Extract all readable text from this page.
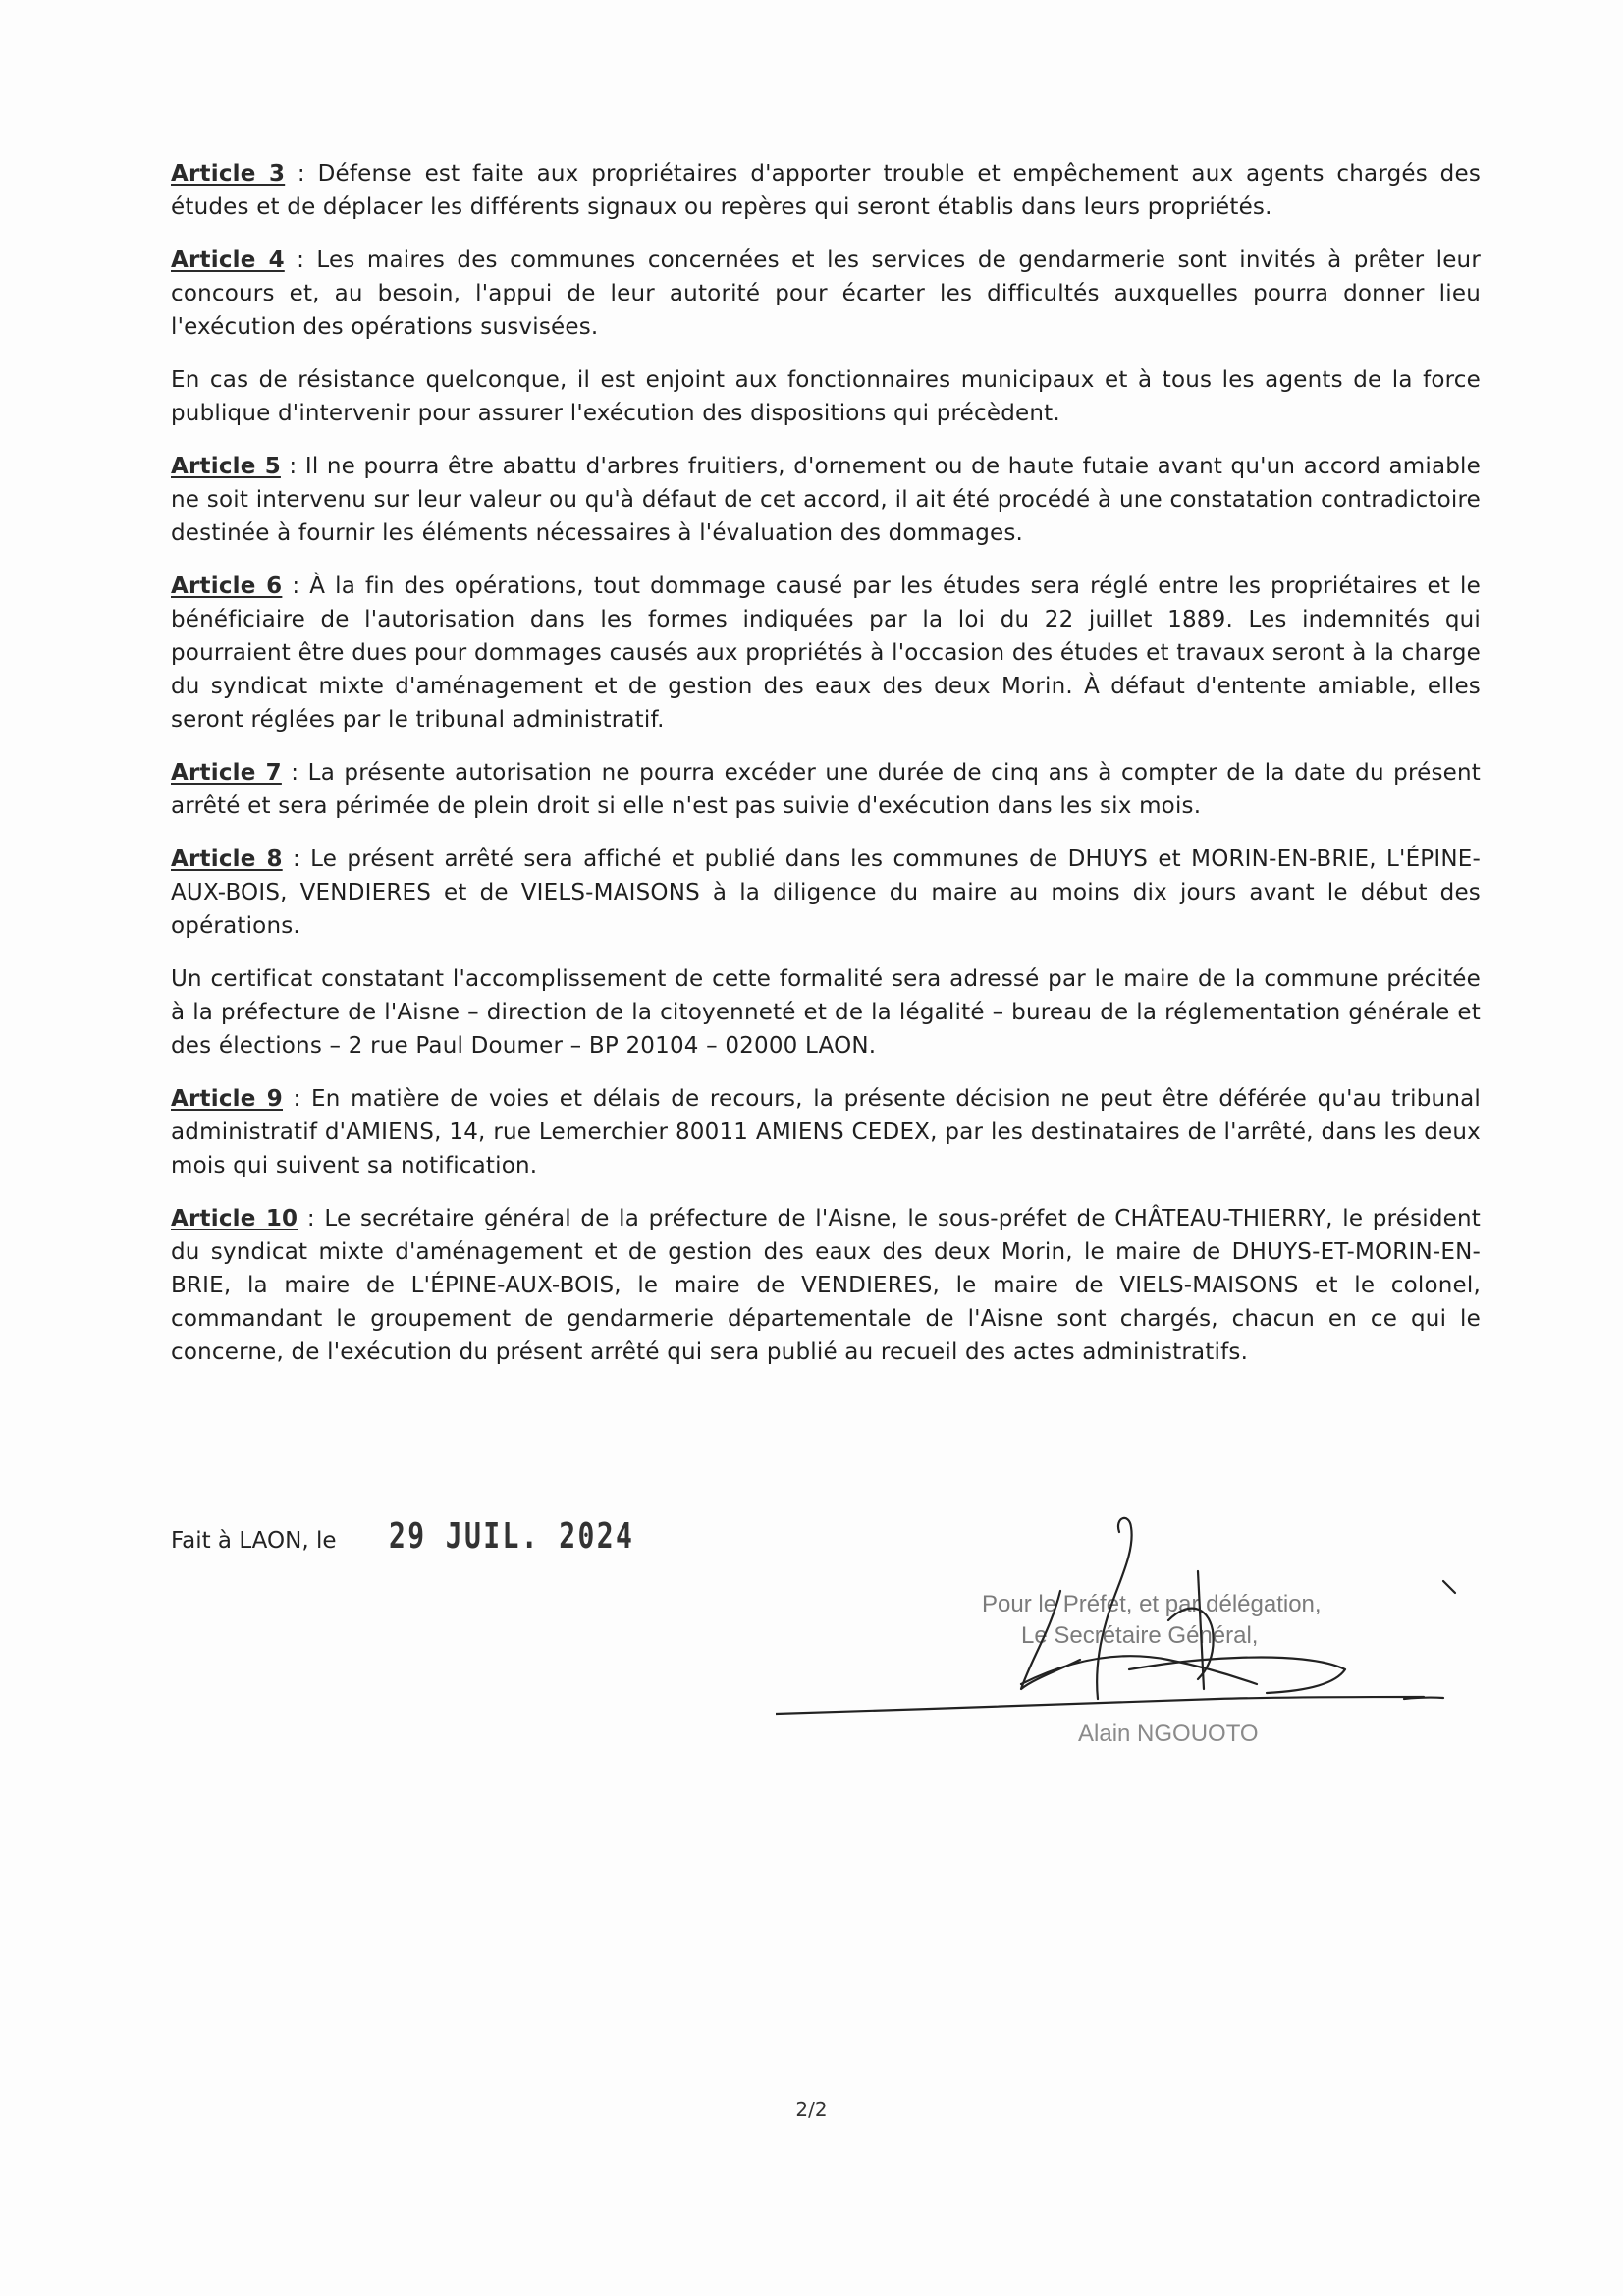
Article 3 : Défense est faite aux propriétaires d'apporter trouble et empêchement aux agents chargés des études et de déplacer les différents signaux ou repères qui seront établis dans leurs propriétés.

Article 4 : Les maires des communes concernées et les services de gendarmerie sont invités à prêter leur concours et, au besoin, l'appui de leur autorité pour écarter les difficultés auxquelles pourra donner lieu l'exécution des opérations susvisées.

En cas de résistance quelconque, il est enjoint aux fonctionnaires municipaux et à tous les agents de la force publique d'intervenir pour assurer l'exécution des dispositions qui précèdent.

Article 5 : Il ne pourra être abattu d'arbres fruitiers, d'ornement ou de haute futaie avant qu'un accord amiable ne soit intervenu sur leur valeur ou qu'à défaut de cet accord, il ait été procédé à une constatation contradictoire destinée à fournir les éléments nécessaires à l'évaluation des dommages.

Article 6 : À la fin des opérations, tout dommage causé par les études sera réglé entre les propriétaires et le bénéficiaire de l'autorisation dans les formes indiquées par la loi du 22 juillet 1889. Les indemnités qui pourraient être dues pour dommages causés aux propriétés à l'occasion des études et travaux seront à la charge du syndicat mixte d'aménagement et de gestion des eaux des deux Morin. À défaut d'entente amiable, elles seront réglées par le tribunal administratif.

Article 7 : La présente autorisation ne pourra excéder une durée de cinq ans à compter de la date du présent arrêté et sera périmée de plein droit si elle n'est pas suivie d'exécution dans les six mois.

Article 8 : Le présent arrêté sera affiché et publié dans les communes de DHUYS et MORIN-EN-BRIE, L'ÉPINE-AUX-BOIS, VENDIERES et de VIELS-MAISONS à la diligence du maire au moins dix jours avant le début des opérations.

Un certificat constatant l'accomplissement de cette formalité sera adressé par le maire de la commune précitée à la préfecture de l'Aisne – direction de la citoyenneté et de la légalité – bureau de la réglementation générale et des élections – 2 rue Paul Doumer – BP 20104 – 02000 LAON.

Article 9 : En matière de voies et délais de recours, la présente décision ne peut être déférée qu'au tribunal administratif d'AMIENS, 14, rue Lemerchier 80011 AMIENS CEDEX, par les destinataires de l'arrêté, dans les deux mois qui suivent sa notification.

Article 10 : Le secrétaire général de la préfecture de l'Aisne, le sous-préfet de CHÂTEAU-THIERRY, le président du syndicat mixte d'aménagement et de gestion des eaux des deux Morin, le maire de DHUYS-ET-MORIN-EN-BRIE, la maire de L'ÉPINE-AUX-BOIS, le maire de VENDIERES, le maire de VIELS-MAISONS et le colonel, commandant le groupement de gendarmerie départementale de l'Aisne sont chargés, chacun en ce qui le concerne, de l'exécution du présent arrêté qui sera publié au recueil des actes administratifs.

Fait à LAON, le 29 JUIL. 2024
Pour le Préfet, et par délégation,
Le Secrétaire Général,
Alain NGOUOTO
2/2
